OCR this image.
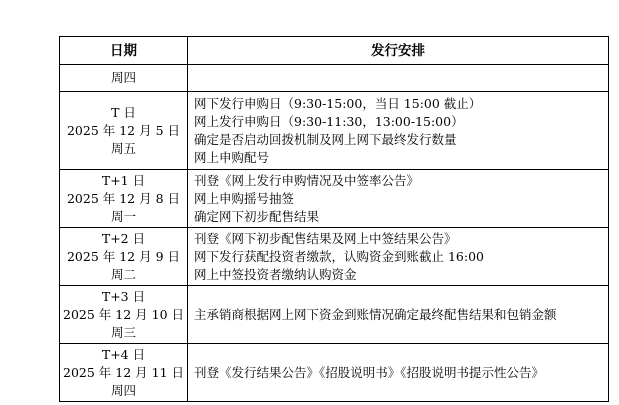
日期	发行安排

周四	

T 日
2025 年 12 月 5 日
周五	网下发行申购日（9:30-15:00，当日 15:00 截止）
网上发行申购日（9:30-11:30，13:00-15:00）
确定是否启动回拨机制及网上网下最终发行数量
网上申购配号

T+1 日
2025 年 12 月 8 日
周一	刊登《网上发行申购情况及中签率公告》
网上申购摇号抽签
确定网下初步配售结果

T+2 日
2025 年 12 月 9 日
周二	刊登《网下初步配售结果及网上中签结果公告》
网下发行获配投资者缴款，认购资金到账截止 16:00
网上中签投资者缴纳认购资金

T+3 日
2025 年 12 月 10 日
周三	主承销商根据网上网下资金到账情况确定最终配售结果和包销金额

T+4 日
2025 年 12 月 11 日
周四	刊登《发行结果公告》《招股说明书》《招股说明书提示性公告》
